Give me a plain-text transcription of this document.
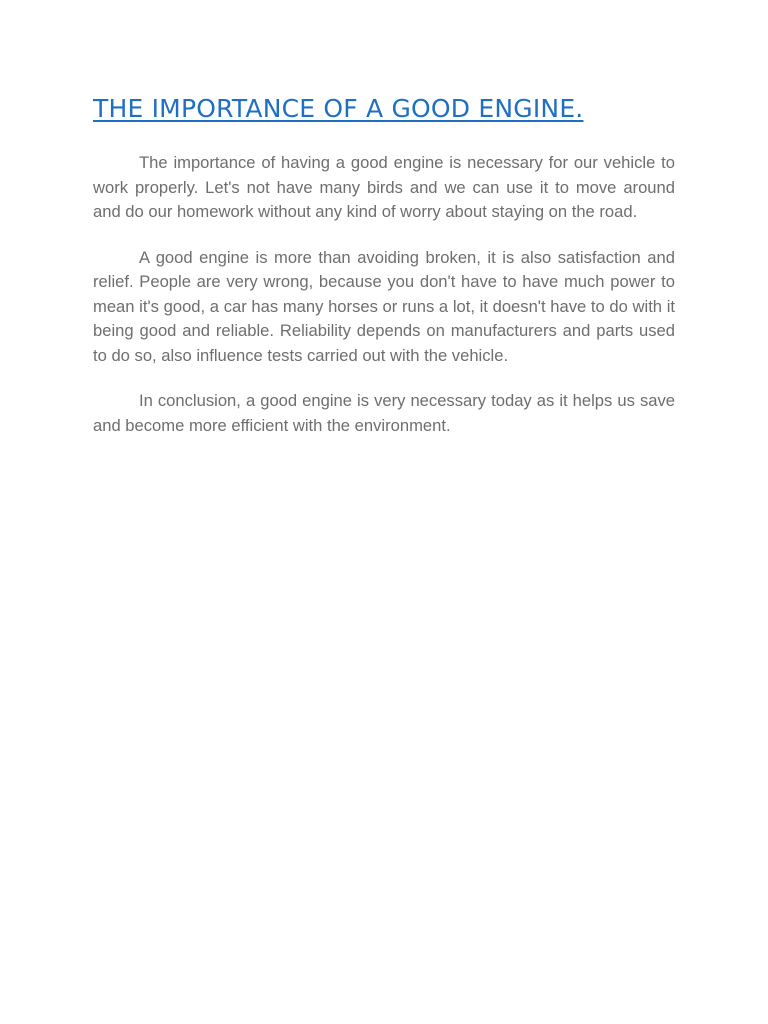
THE IMPORTANCE OF A GOOD ENGINE.

The importance of having a good engine is necessary for our vehicle to work properly. Let's not have many birds and we can use it to move around and do our homework without any kind of worry about staying on the road.

A good engine is more than avoiding broken, it is also satisfaction and relief. People are very wrong, because you don't have to have much power to mean it's good, a car has many horses or runs a lot, it doesn't have to do with it being good and reliable. Reliability depends on manufacturers and parts used to do so, also influence tests carried out with the vehicle.

In conclusion, a good engine is very necessary today as it helps us save and become more efficient with the environment.
